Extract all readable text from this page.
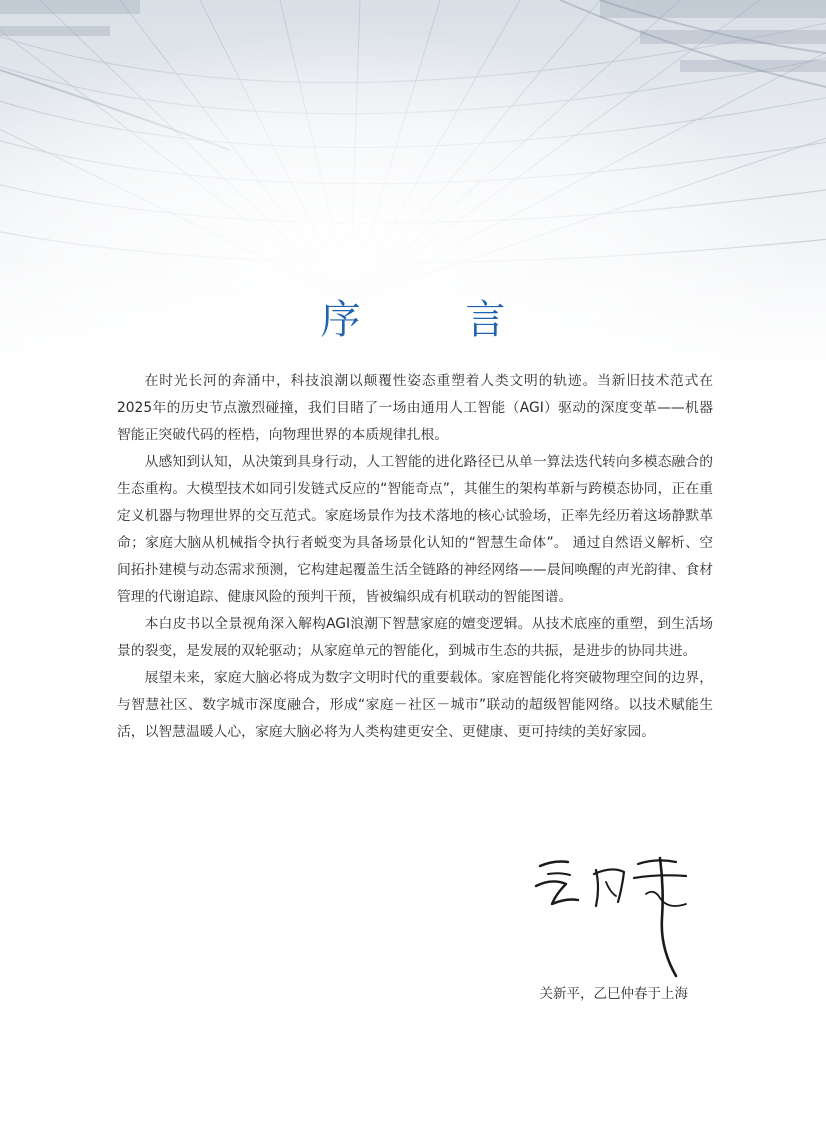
序 言

在时光长河的奔涌中，科技浪潮以颠覆性姿态重塑着人类文明的轨迹。当新旧技术范式在2025年的历史节点激烈碰撞，我们目睹了一场由通用人工智能（AGI）驱动的深度变革——机器智能正突破代码的桎梏，向物理世界的本质规律扎根。

从感知到认知，从决策到具身行动，人工智能的进化路径已从单一算法迭代转向多模态融合的生态重构。大模型技术如同引发链式反应的“智能奇点”，其催生的架构革新与跨模态协同，正在重定义机器与物理世界的交互范式。家庭场景作为技术落地的核心试验场，正率先经历着这场静默革命；家庭大脑从机械指令执行者蜕变为具备场景化认知的“智慧生命体”。 通过自然语义解析、空间拓扑建模与动态需求预测，它构建起覆盖生活全链路的神经网络——晨间唤醒的声光韵律、食材管理的代谢追踪、健康风险的预判干预，皆被编织成有机联动的智能图谱。

本白皮书以全景视角深入解构AGI浪潮下智慧家庭的嬗变逻辑。从技术底座的重塑，到生活场景的裂变，是发展的双轮驱动；从家庭单元的智能化，到城市生态的共振，是进步的协同共进。

展望未来，家庭大脑必将成为数字文明时代的重要载体。家庭智能化将突破物理空间的边界，与智慧社区、数字城市深度融合，形成“家庭－社区－城市”联动的超级智能网络。以技术赋能生活，以智慧温暖人心，家庭大脑必将为人类构建更安全、更健康、更可持续的美好家园。

关新平，乙巳仲春于上海
